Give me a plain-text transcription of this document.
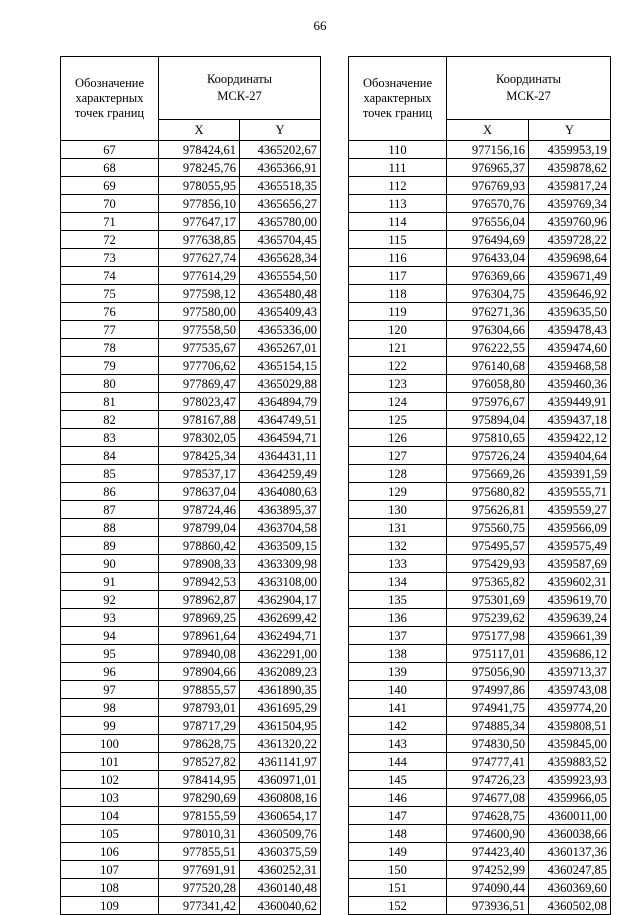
66
Обозначение характерных точек границ	Координаты
МСК-27	

	X	Y
67	978424,61	4365202,67
68	978245,76	4365366,91
69	978055,95	4365518,35
70	977856,10	4365656,27
71	977647,17	4365780,00
72	977638,85	4365704,45
73	977627,74	4365628,34
74	977614,29	4365554,50
75	977598,12	4365480,48
76	977580,00	4365409,43
77	977558,50	4365336,00
78	977535,67	4365267,01
79	977706,62	4365154,15
80	977869,47	4365029,88
81	978023,47	4364894,79
82	978167,88	4364749,51
83	978302,05	4364594,71
84	978425,34	4364431,11
85	978537,17	4364259,49
86	978637,04	4364080,63
87	978724,46	4363895,37
88	978799,04	4363704,58
89	978860,42	4363509,15
90	978908,33	4363309,98
91	978942,53	4363108,00
92	978962,87	4362904,17
93	978969,25	4362699,42
94	978961,64	4362494,71
95	978940,08	4362291,00
96	978904,66	4362089,23
97	978855,57	4361890,35
98	978793,01	4361695,29
99	978717,29	4361504,95
100	978628,75	4361320,22
101	978527,82	4361141,97
102	978414,95	4360971,01
103	978290,69	4360808,16
104	978155,59	4360654,17
105	978010,31	4360509,76
106	977855,51	4360375,59
107	977691,91	4360252,31
108	977520,28	4360140,48
109	977341,42	4360040,62
Обозначение характерных точек границ	Координаты
МСК-27	

	X	Y
110	977156,16	4359953,19
111	976965,37	4359878,62
112	976769,93	4359817,24
113	976570,76	4359769,34
114	976556,04	4359760,96
115	976494,69	4359728,22
116	976433,04	4359698,64
117	976369,66	4359671,49
118	976304,75	4359646,92
119	976271,36	4359635,50
120	976304,66	4359478,43
121	976222,55	4359474,60
122	976140,68	4359468,58
123	976058,80	4359460,36
124	975976,67	4359449,91
125	975894,04	4359437,18
126	975810,65	4359422,12
127	975726,24	4359404,64
128	975669,26	4359391,59
129	975680,82	4359555,71
130	975626,81	4359559,27
131	975560,75	4359566,09
132	975495,57	4359575,49
133	975429,93	4359587,69
134	975365,82	4359602,31
135	975301,69	4359619,70
136	975239,62	4359639,24
137	975177,98	4359661,39
138	975117,01	4359686,12
139	975056,90	4359713,37
140	974997,86	4359743,08
141	974941,75	4359774,20
142	974885,34	4359808,51
143	974830,50	4359845,00
144	974777,41	4359883,52
145	974726,23	4359923,93
146	974677,08	4359966,05
147	974628,75	4360011,00
148	974600,90	4360038,66
149	974423,40	4360137,36
150	974252,99	4360247,85
151	974090,44	4360369,60
152	973936,51	4360502,08
